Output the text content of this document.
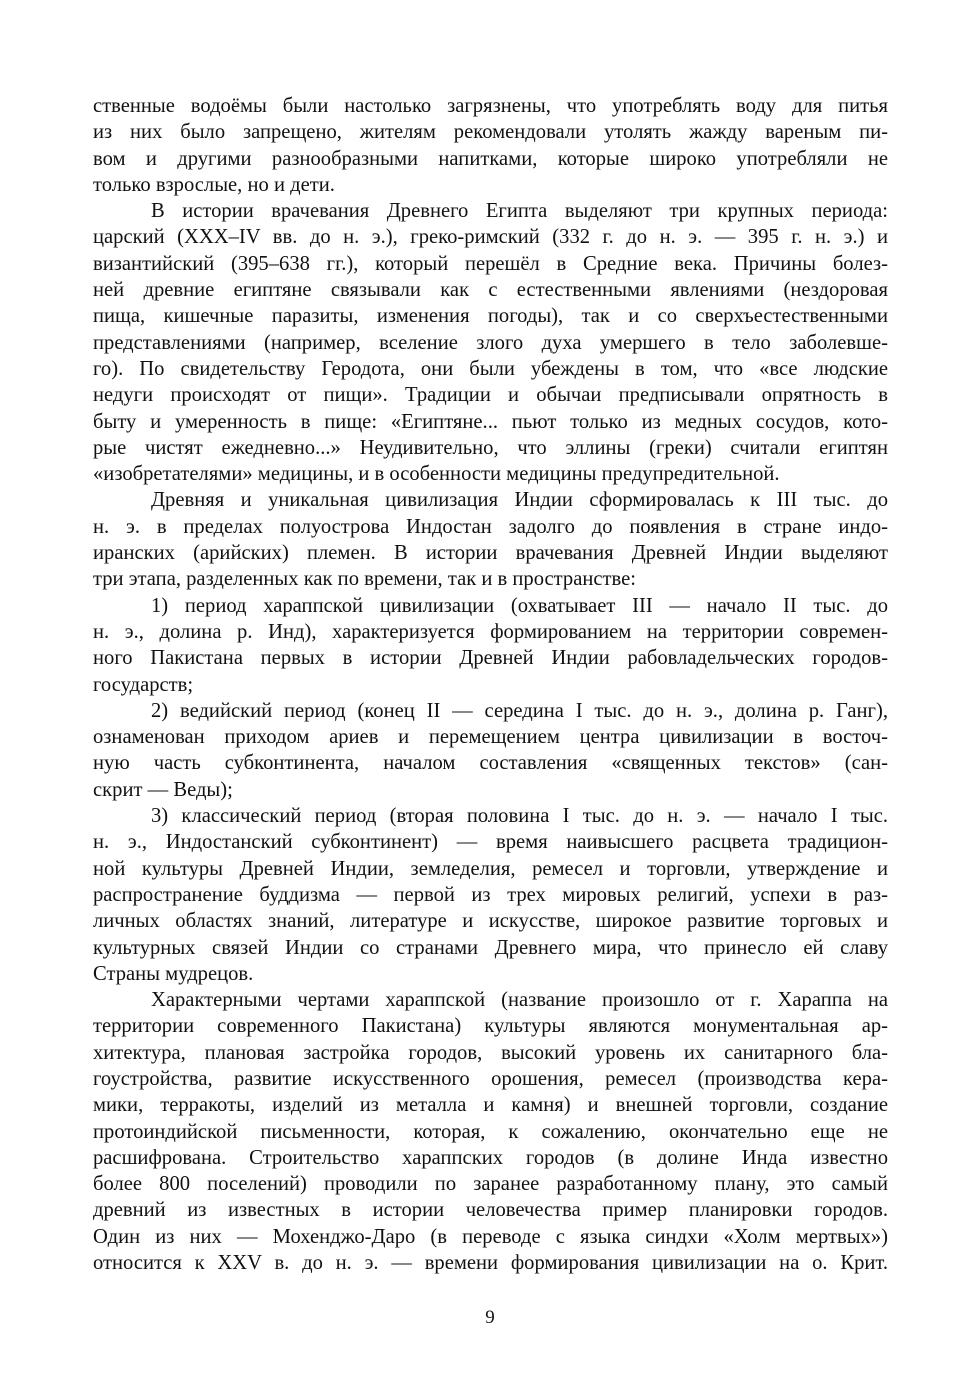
ственные водоёмы были настолько загрязнены, что употреблять воду для питья
из них было запрещено, жителям рекомендовали утолять жажду вареным пи-
вом и другими разнообразными напитками, которые широко употребляли не
только взрослые, но и дети.
В истории врачевания Древнего Египта выделяют три крупных периода:
царский (XXX–IV вв. до н. э.), греко-римский (332 г. до н. э. — 395 г. н. э.) и
византийский (395–638 гг.), который перешёл в Средние века. Причины болез-
ней древние египтяне связывали как с естественными явлениями (нездоровая
пища, кишечные паразиты, изменения погоды), так и со сверхъестественными
представлениями (например, вселение злого духа умершего в тело заболевше-
го). По свидетельству Геродота, они были убеждены в том, что «все людские
недуги происходят от пищи». Традиции и обычаи предписывали опрятность в
быту и умеренность в пище: «Египтяне... пьют только из медных сосудов, кото-
рые чистят ежедневно...» Неудивительно, что эллины (греки) считали египтян
«изобретателями» медицины, и в особенности медицины предупредительной.
Древняя и уникальная цивилизация Индии сформировалась к III тыс. до
н. э. в пределах полуострова Индостан задолго до появления в стране индо-
иранских (арийских) племен. В истории врачевания Древней Индии выделяют
три этапа, разделенных как по времени, так и в пространстве:
1) период хараппской цивилизации (охватывает III — начало II тыс. до
н. э., долина р. Инд), характеризуется формированием на территории современ-
ного Пакистана первых в истории Древней Индии рабовладельческих городов-
государств;
2) ведийский период (конец II — середина I тыс. до н. э., долина р. Ганг),
ознаменован приходом ариев и перемещением центра цивилизации в восточ-
ную часть субконтинента, началом составления «священных текстов» (сан-
скрит — Веды);
3) классический период (вторая половина I тыс. до н. э. — начало I тыс.
н. э., Индостанский субконтинент) — время наивысшего расцвета традицион-
ной культуры Древней Индии, земледелия, ремесел и торговли, утверждение и
распространение буддизма — первой из трех мировых религий, успехи в раз-
личных областях знаний, литературе и искусстве, широкое развитие торговых и
культурных связей Индии со странами Древнего мира, что принесло ей славу
Страны мудрецов.
Характерными чертами хараппской (название произошло от г. Хараппа на
территории современного Пакистана) культуры являются монументальная ар-
хитектура, плановая застройка городов, высокий уровень их санитарного бла-
гоустройства, развитие искусственного орошения, ремесел (производства кера-
мики, терракоты, изделий из металла и камня) и внешней торговли, создание
протоиндийской письменности, которая, к сожалению, окончательно еще не
расшифрована. Строительство хараппских городов (в долине Инда известно
более 800 поселений) проводили по заранее разработанному плану, это самый
древний из известных в истории человечества пример планировки городов.
Один из них — Мохенджо-Даро (в переводе с языка синдхи «Холм мертвых»)
относится к XXV в. до н. э. — времени формирования цивилизации на о. Крит.
9
